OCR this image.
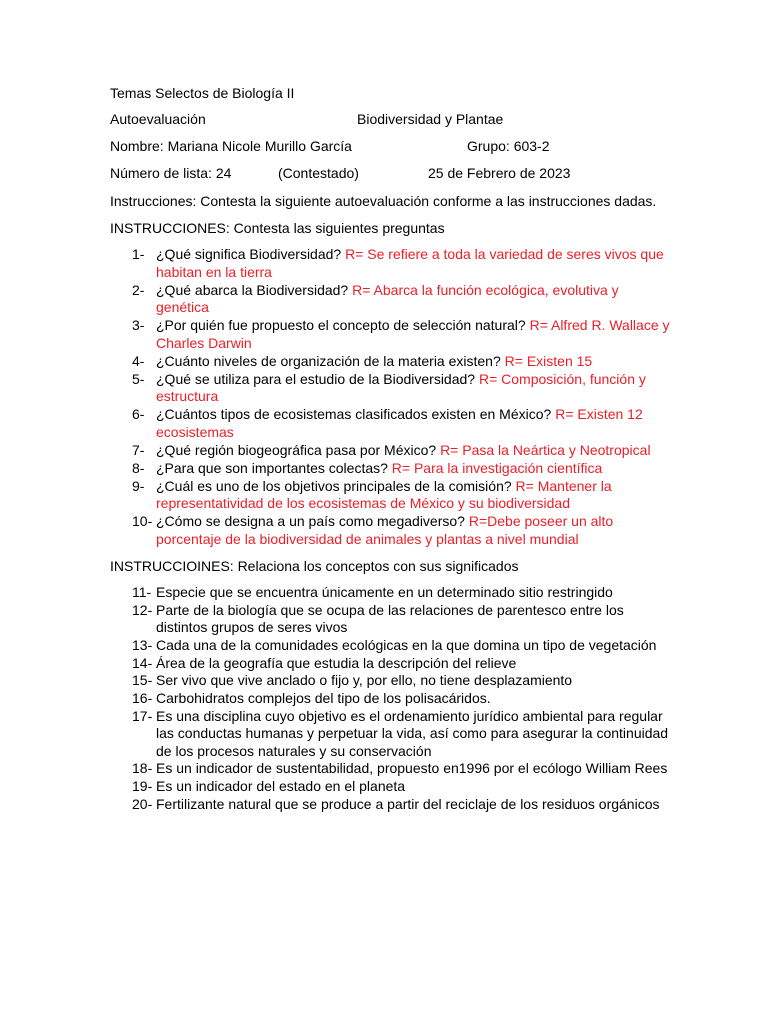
Temas Selectos de Biología II
Autoevaluación	Biodiversidad y Plantae
Nombre: Mariana Nicole Murillo García	Grupo: 603-2
Número de lista: 24	(Contestado)	25 de Febrero de 2023
Instrucciones: Contesta la siguiente autoevaluación conforme a las instrucciones dadas.
INSTRUCCIONES: Contesta las siguientes preguntas
1- ¿Qué significa Biodiversidad? R= Se refiere a toda la variedad de seres vivos que habitan en la tierra
2- ¿Qué abarca la Biodiversidad? R= Abarca la función ecológica, evolutiva y genética
3- ¿Por quién fue propuesto el concepto de selección natural? R= Alfred R. Wallace y Charles Darwin
4- ¿Cuánto niveles de organización de la materia existen? R= Existen 15
5- ¿Qué se utiliza para el estudio de la Biodiversidad? R= Composición, función y estructura
6- ¿Cuántos tipos de ecosistemas clasificados existen en México? R= Existen 12 ecosistemas
7- ¿Qué región biogeográfica pasa por México? R= Pasa la Neártica y Neotropical
8- ¿Para que son importantes colectas? R= Para la investigación científica
9- ¿Cuál es uno de los objetivos principales de la comisión? R= Mantener la representatividad de los ecosistemas de México y su biodiversidad
10- ¿Cómo se designa a un país como megadiverso? R=Debe poseer un alto porcentaje de la biodiversidad de animales y plantas a nivel mundial
INSTRUCCIOINES: Relaciona los conceptos con sus significados
11- Especie que se encuentra únicamente en un determinado sitio restringido
12- Parte de la biología que se ocupa de las relaciones de parentesco entre los distintos grupos de seres vivos
13- Cada una de la comunidades ecológicas en la que domina un tipo de vegetación
14- Área de la geografía que estudia la descripción del relieve
15- Ser vivo que vive anclado o fijo y, por ello, no tiene desplazamiento
16- Carbohidratos complejos del tipo de los polisacáridos.
17- Es una disciplina cuyo objetivo es el ordenamiento jurídico ambiental para regular las conductas humanas y perpetuar la vida, así como para asegurar la continuidad de los procesos naturales y su conservación
18- Es un indicador de sustentabilidad, propuesto en1996 por el ecólogo William Rees
19- Es un indicador del estado en el planeta
20- Fertilizante natural que se produce a partir del reciclaje de los residuos orgánicos
